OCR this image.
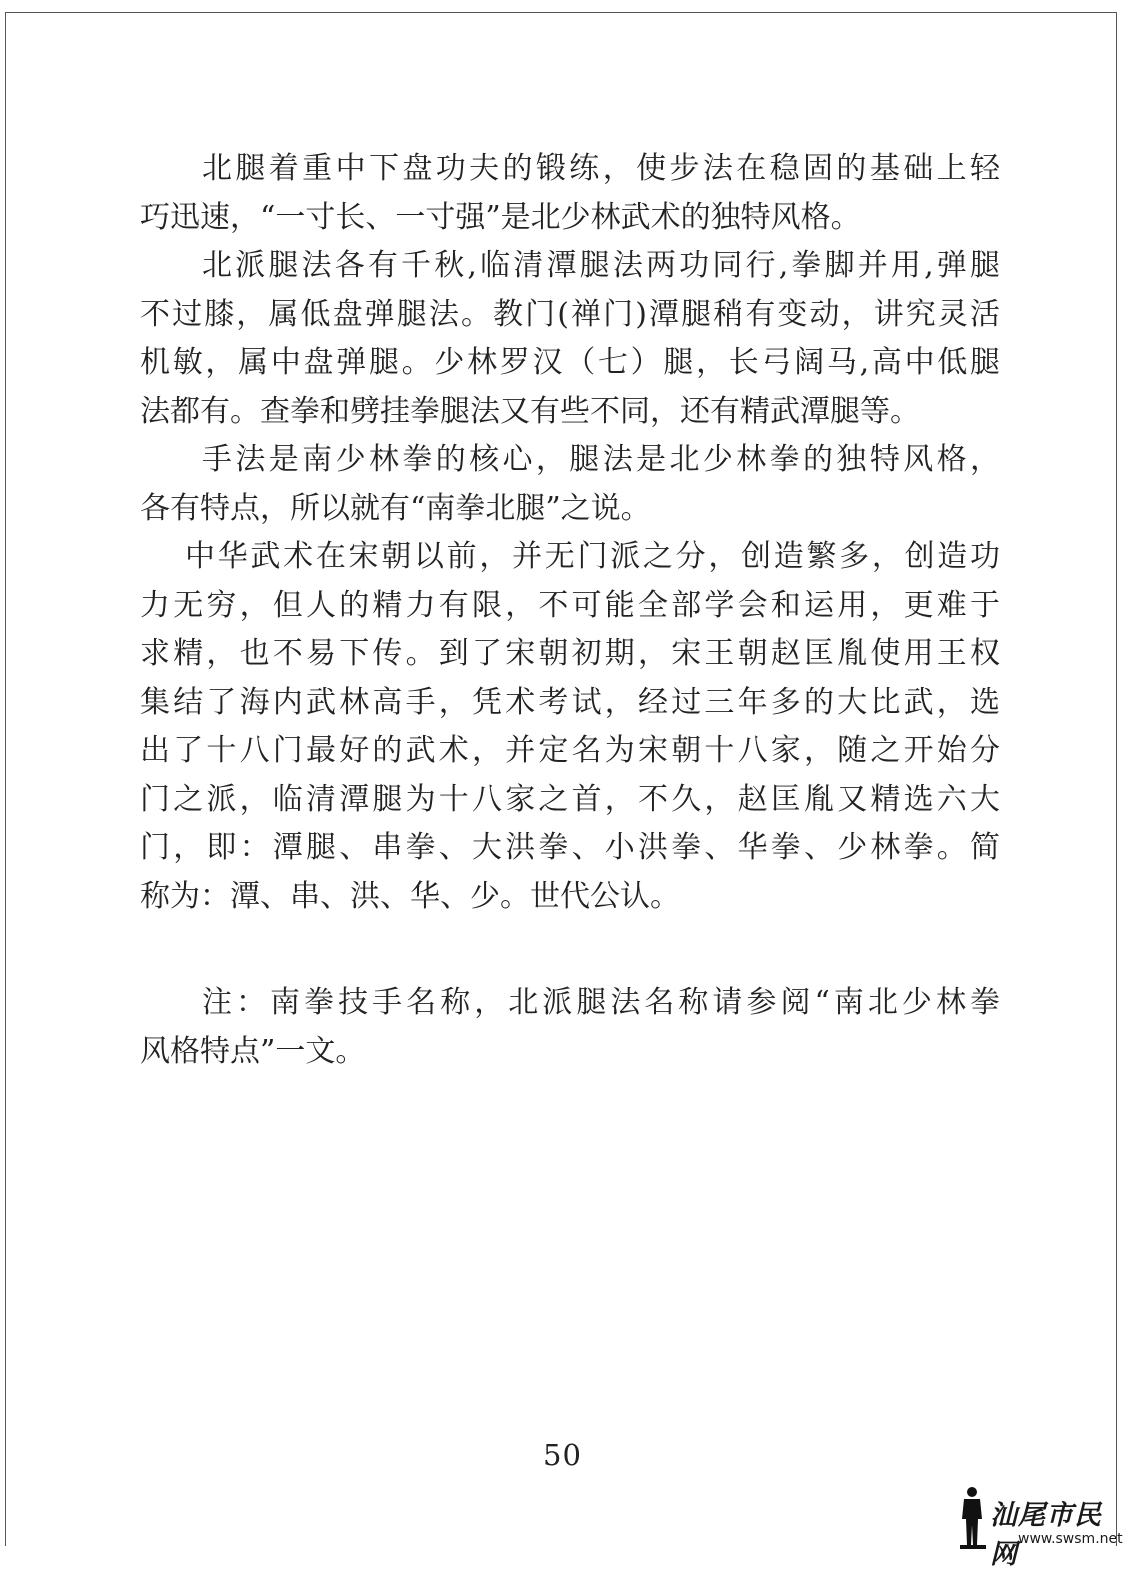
北腿着重中下盘功夫的锻练，使步法在稳固的基础上轻
巧迅速，“一寸长、一寸强”是北少林武术的独特风格。
北派腿法各有千秋,临清潭腿法两功同行,拳脚并用,弹腿
不过膝，属低盘弹腿法。教门(禅门)潭腿稍有变动，讲究灵活
机敏，属中盘弹腿。少林罗汉（七）腿，长弓阔马,高中低腿
法都有。查拳和劈挂拳腿法又有些不同，还有精武潭腿等。
手法是南少林拳的核心，腿法是北少林拳的独特风格，
各有特点，所以就有“南拳北腿”之说。
中华武术在宋朝以前，并无门派之分，创造繁多，创造功
力无穷，但人的精力有限，不可能全部学会和运用，更难于
求精，也不易下传。到了宋朝初期，宋王朝赵匡胤使用王权
集结了海内武林高手，凭术考试，经过三年多的大比武，选
出了十八门最好的武术，并定名为宋朝十八家，随之开始分
门之派，临清潭腿为十八家之首，不久，赵匡胤又精选六大
门，即：潭腿、串拳、大洪拳、小洪拳、华拳、少林拳。简
称为：潭、串、洪、华、少。世代公认。
注：南拳技手名称，北派腿法名称请参阅“南北少林拳
风格特点”一文。
50
汕尾市民网 www.swsm.net
